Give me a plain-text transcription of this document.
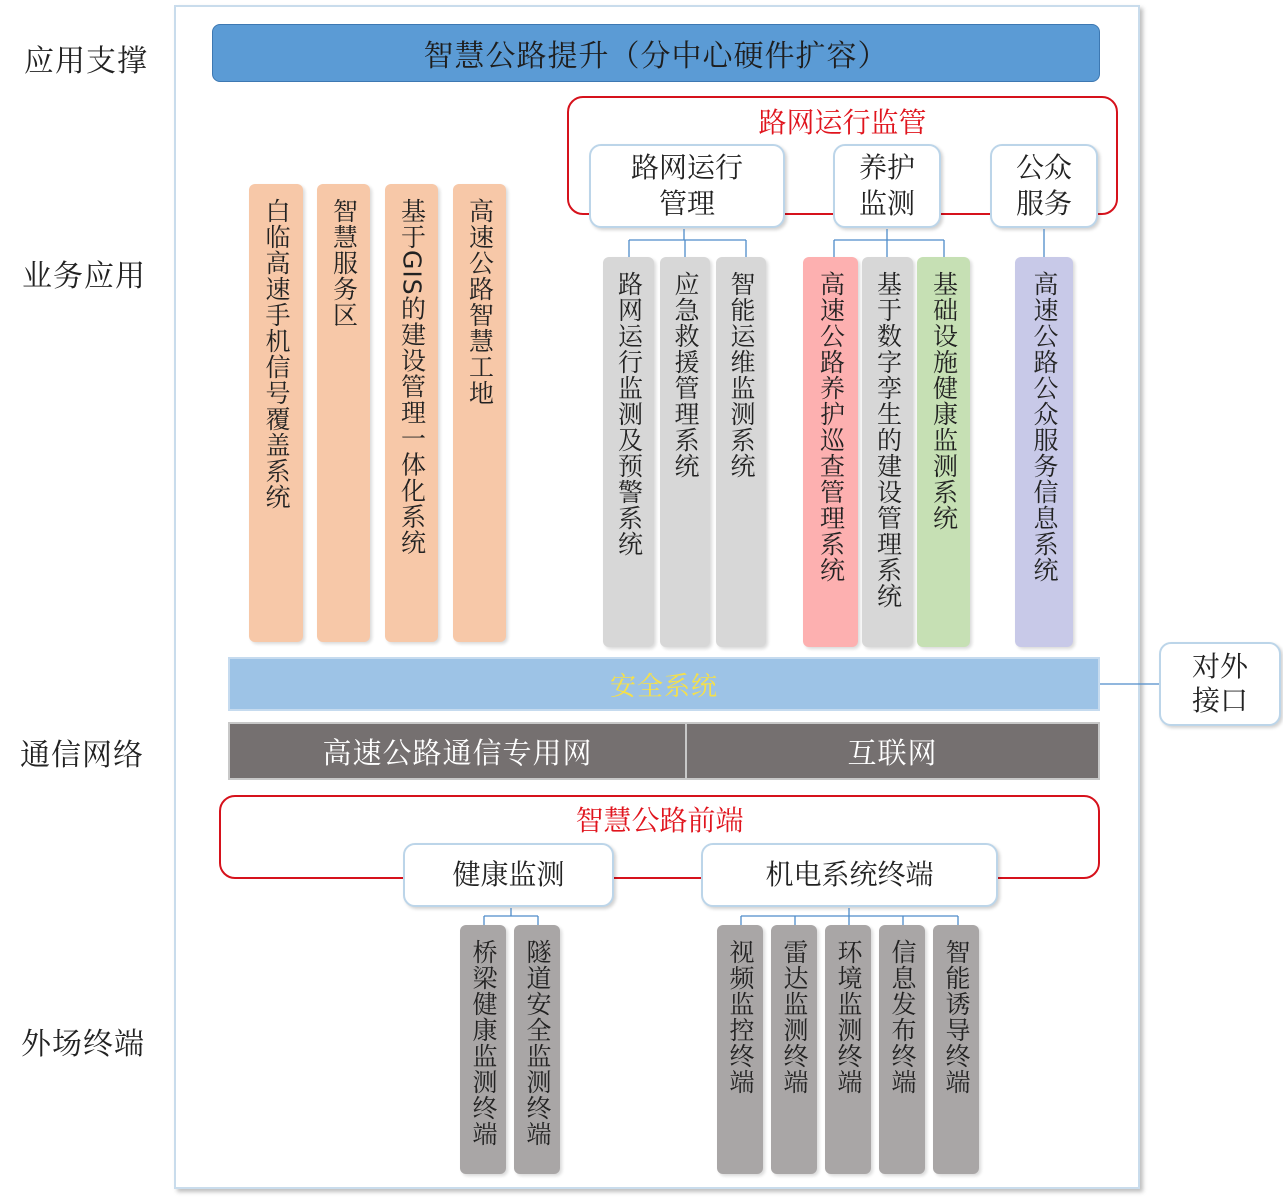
应用支撑
业务应用
通信网络
外场终端
智慧公路提升（分中心硬件扩容）
路网运行监管
路网运行
管理
养护
监测
公众
服务
白临高速手机信号覆盖系统 智慧服务区 基于GIS的建设管理一体化系统 高速公路智慧工地	路网运行监测及预警系统 应急救援管理系统 智能运维监测系统 高速公路养护巡查管理系统 基于数字孪生的建设管理系统 基础设施健康监测系统	高速公路公众服务信息系统
安全系统
对外
接口
高速公路通信专用网	互联网
智慧公路前端
健康监测	机电系统终端
桥梁健康监测终端 隧道安全监测终端	视频监控终端 雷达监测终端 环境监测终端 信息发布终端 智能诱导终端
